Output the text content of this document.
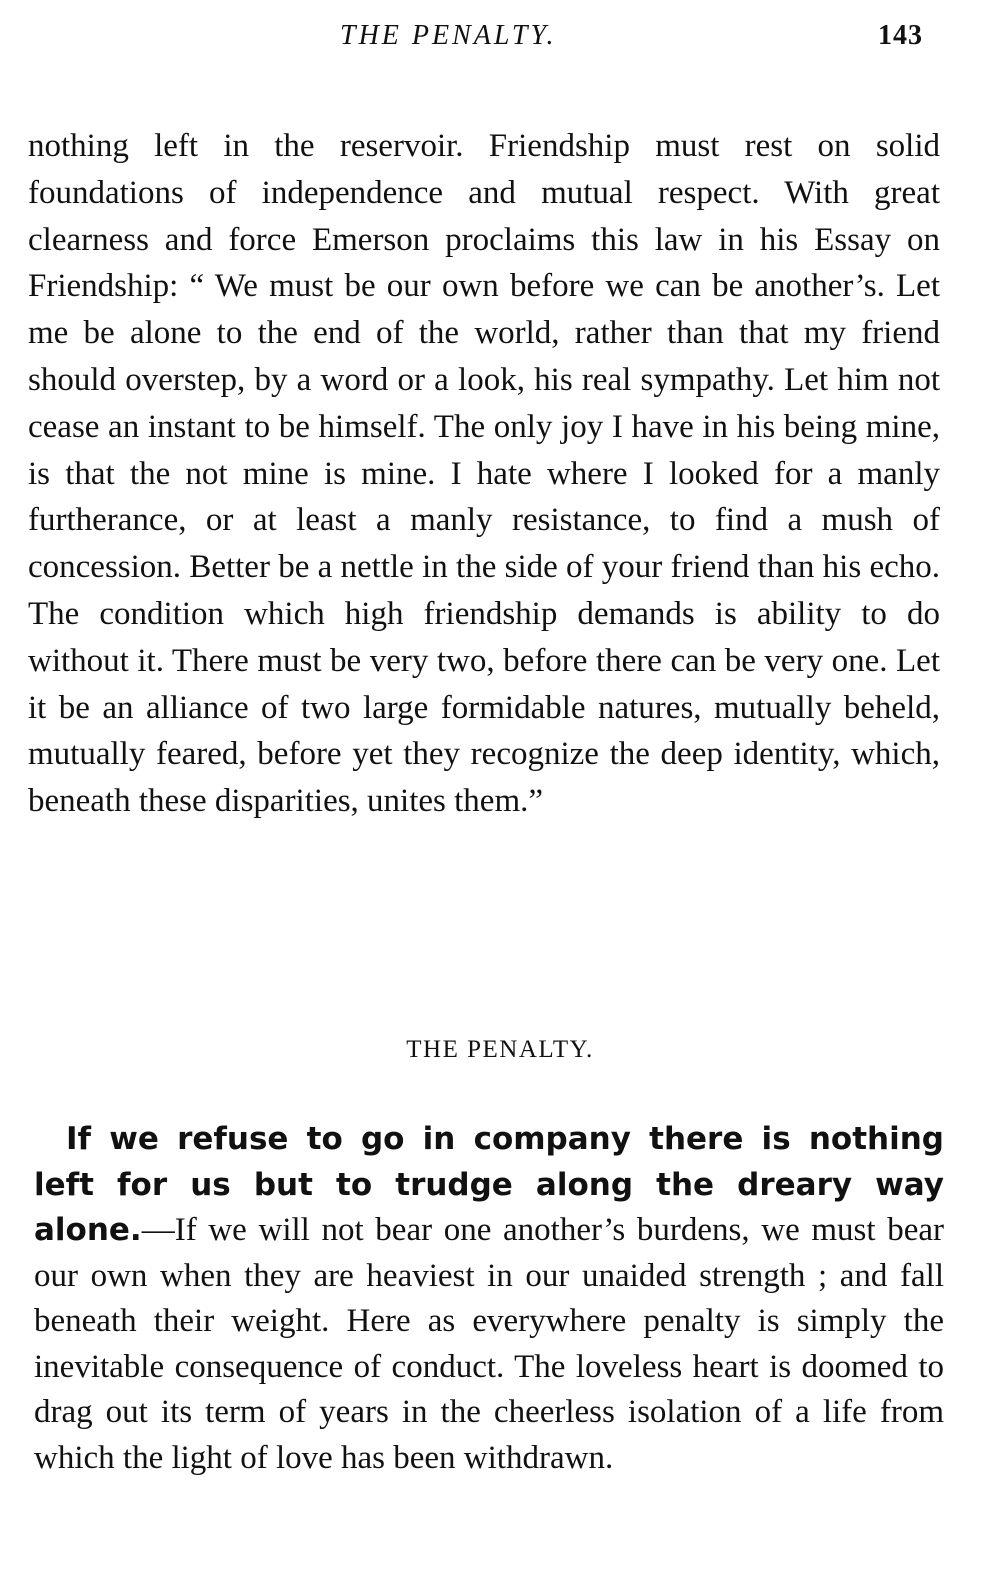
THE PENALTY.	143

nothing left in the reservoir. Friendship must rest on solid foundations of independence and mutual respect. With great clearness and force Emerson proclaims this law in his Essay on Friendship: “ We must be our own before we can be another’s. Let me be alone to the end of the world, rather than that my friend should overstep, by a word or a look, his real sympathy. Let him not cease an instant to be himself. The only joy I have in his being mine, is that the not mine is mine. I hate where I looked for a manly furtherance, or at least a manly resistance, to find a mush of concession. Better be a nettle in the side of your friend than his echo. The condition which high friendship demands is ability to do without it. There must be very two, before there can be very one. Let it be an alliance of two large formidable natures, mutually beheld, mutually feared, before yet they recognize the deep identity, which, beneath these disparities, unites them.”

THE PENALTY.

If we refuse to go in company there is nothing left for us but to trudge along the dreary way alone.—If we will not bear one another’s burdens, we must bear our own when they are heaviest in our unaided strength ; and fall beneath their weight. Here as everywhere penalty is simply the inevitable consequence of conduct. The loveless heart is doomed to drag out its term of years in the cheerless isolation of a life from which the light of love has been withdrawn.
